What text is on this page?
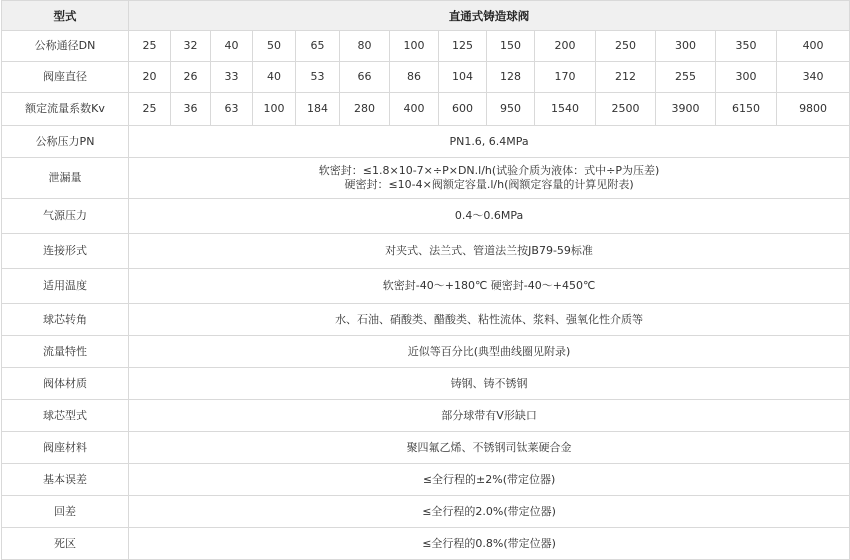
型式	直通式铸造球阀													
公称通径DN	25	32	40	50	65	80	100	125	150	200	250	300	350	400
阀座直径	20	26	33	40	53	66	86	104	128	170	212	255	300	340
额定流量系数Kv	25	36	63	100	184	280	400	600	950	1540	2500	3900	6150	9800
公称压力PN	PN1.6, 6.4MPa													
泄漏量	软密封：≤1.8×10-7×÷P×DN.l/h(试验介质为液体：式中÷P为压差)
硬密封：≤10-4×阀额定容量.l/h(阀额定容量的计算见附表)													

气源压力	0.4～0.6MPa													
连接形式	对夹式、法兰式、管道法兰按JB79-59标准													
适用温度	软密封-40～+180℃ 硬密封-40～+450℃													
球芯转角	水、石油、硝酸类、醋酸类、粘性流体、浆料、强氧化性介质等													
流量特性	近似等百分比(典型曲线圈见附录)													
阀体材质	铸钢、铸不锈钢													
球芯型式	部分球带有V形缺口													
阀座材料	聚四氟乙烯、不锈钢司钛莱硬合金													
基本误差	≤全行程的±2%(带定位器)													
回差	≤全行程的2.0%(带定位器)													
死区	≤全行程的0.8%(带定位器)													
